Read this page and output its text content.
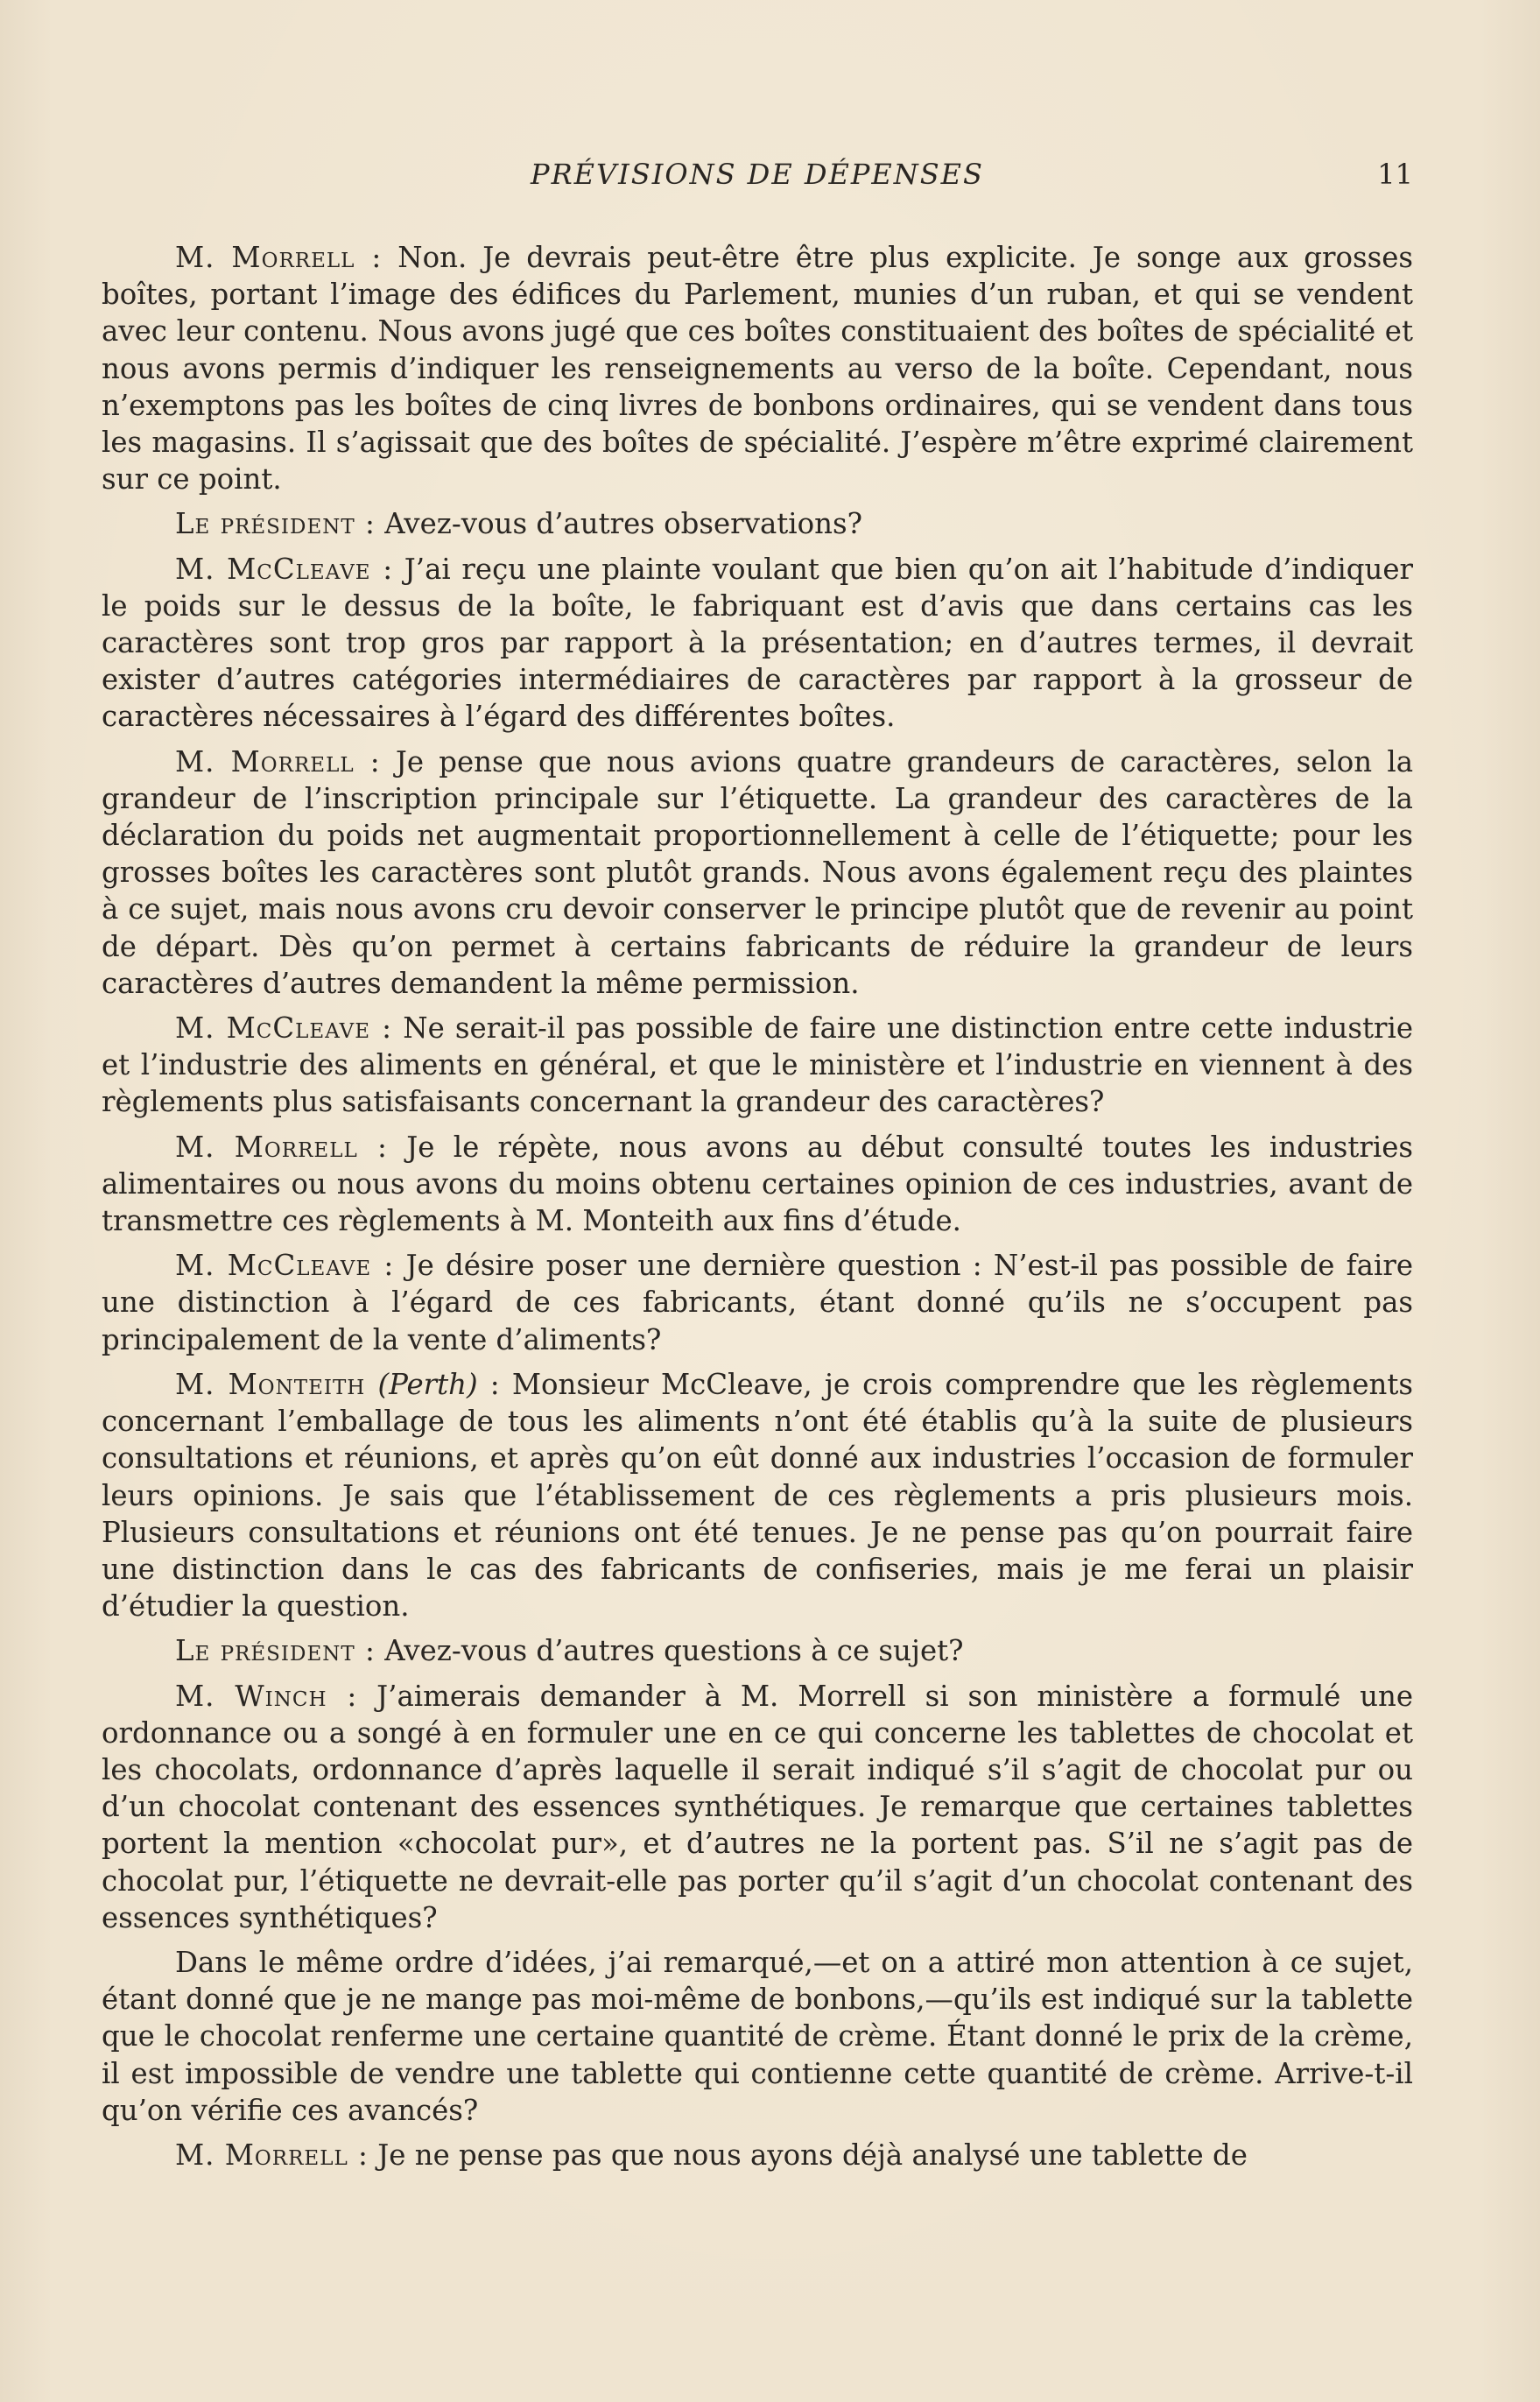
PRÉVISIONS DE DÉPENSES	11

M. Morrell : Non. Je devrais peut-être être plus explicite. Je songe aux grosses boîtes, portant l’image des édifices du Parlement, munies d’un ruban, et qui se vendent avec leur contenu. Nous avons jugé que ces boîtes constituaient des boîtes de spécialité et nous avons permis d’indiquer les renseignements au verso de la boîte. Cependant, nous n’exemptons pas les boîtes de cinq livres de bonbons ordinaires, qui se vendent dans tous les magasins. Il s’agissait que des boîtes de spécialité. J’espère m’être exprimé clairement sur ce point.

Le président : Avez-vous d’autres observations?

M. McCleave : J’ai reçu une plainte voulant que bien qu’on ait l’habitude d’indiquer le poids sur le dessus de la boîte, le fabriquant est d’avis que dans certains cas les caractères sont trop gros par rapport à la présentation; en d’autres termes, il devrait exister d’autres catégories intermédiaires de caractères par rapport à la grosseur de caractères nécessaires à l’égard des différentes boîtes.

M. Morrell : Je pense que nous avions quatre grandeurs de caractères, selon la grandeur de l’inscription principale sur l’étiquette. La grandeur des caractères de la déclaration du poids net augmentait proportionnellement à celle de l’étiquette; pour les grosses boîtes les caractères sont plutôt grands. Nous avons également reçu des plaintes à ce sujet, mais nous avons cru devoir conserver le principe plutôt que de revenir au point de départ. Dès qu’on permet à certains fabricants de réduire la grandeur de leurs caractères d’autres demandent la même permission.

M. McCleave : Ne serait-il pas possible de faire une distinction entre cette industrie et l’industrie des aliments en général, et que le ministère et l’industrie en viennent à des règlements plus satisfaisants concernant la grandeur des caractères?

M. Morrell : Je le répète, nous avons au début consulté toutes les industries alimentaires ou nous avons du moins obtenu certaines opinion de ces industries, avant de transmettre ces règlements à M. Monteith aux fins d’étude.

M. McCleave : Je désire poser une dernière question : N’est-il pas possible de faire une distinction à l’égard de ces fabricants, étant donné qu’ils ne s’occupent pas principalement de la vente d’aliments?

M. Monteith (Perth) : Monsieur McCleave, je crois comprendre que les règlements concernant l’emballage de tous les aliments n’ont été établis qu’à la suite de plusieurs consultations et réunions, et après qu’on eût donné aux industries l’occasion de formuler leurs opinions. Je sais que l’établissement de ces règlements a pris plusieurs mois. Plusieurs consultations et réunions ont été tenues. Je ne pense pas qu’on pourrait faire une distinction dans le cas des fabricants de confiseries, mais je me ferai un plaisir d’étudier la question.

Le président : Avez-vous d’autres questions à ce sujet?

M. Winch : J’aimerais demander à M. Morrell si son ministère a formulé une ordonnance ou a songé à en formuler une en ce qui concerne les tablettes de chocolat et les chocolats, ordonnance d’après laquelle il serait indiqué s’il s’agit de chocolat pur ou d’un chocolat contenant des essences synthétiques. Je remarque que certaines tablettes portent la mention «chocolat pur», et d’autres ne la portent pas. S’il ne s’agit pas de chocolat pur, l’étiquette ne devrait-elle pas porter qu’il s’agit d’un chocolat contenant des essences synthétiques?

Dans le même ordre d’idées, j’ai remarqué,—et on a attiré mon attention à ce sujet, étant donné que je ne mange pas moi-même de bonbons,—qu’ils est indiqué sur la tablette que le chocolat renferme une certaine quantité de crème. Étant donné le prix de la crème, il est impossible de vendre une tablette qui contienne cette quantité de crème. Arrive-t-il qu’on vérifie ces avancés?

M. Morrell : Je ne pense pas que nous ayons déjà analysé une tablette de
